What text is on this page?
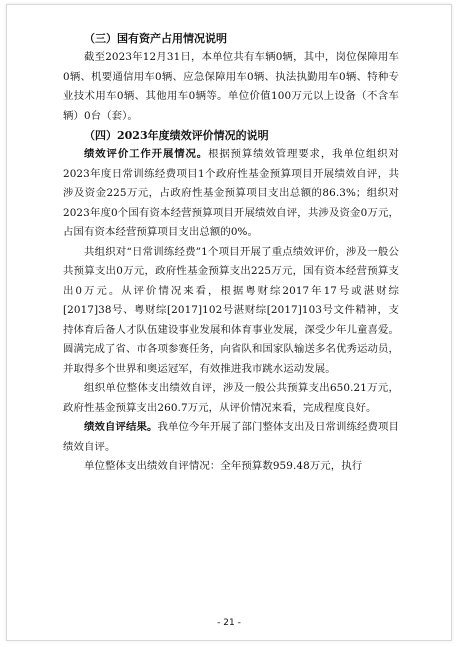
（三）国有资产占用情况说明

截至2023年12月31日，本单位共有车辆0辆，其中，岗位保障用车0辆、机要通信用车0辆、应急保障用车0辆、执法执勤用车0辆、特种专业技术用车0辆、其他用车0辆等。单位价值100万元以上设备（不含车辆）0台（套）。

（四）2023年度绩效评价情况的说明

绩效评价工作开展情况。根据预算绩效管理要求，我单位组织对2023年度日常训练经费项目1个政府性基金预算项目开展绩效自评，共涉及资金225万元，占政府性基金预算项目支出总额的86.3%；组织对2023年度0个国有资本经营预算项目开展绩效自评，共涉及资金0万元，占国有资本经营预算项目支出总额的0%。

共组织对“日常训练经费”1个项目开展了重点绩效评价，涉及一般公共预算支出0万元，政府性基金预算支出225万元，国有资本经营预算支出0万元。从评价情况来看，根据粤财综2017年17号或湛财综[2017]38号、粤财综[2017]102号湛财综[2017]103号文件精神，支持体育后备人才队伍建设事业发展和体育事业发展，深受少年儿童喜爱。圆满完成了省、市各项参赛任务，向省队和国家队输送多名优秀运动员，并取得多个世界和奥运冠军，有效推进我市跳水运动发展。

组织单位整体支出绩效自评，涉及一般公共预算支出650.21万元，政府性基金预算支出260.7万元，从评价情况来看，完成程度良好。

绩效自评结果。我单位今年开展了部门整体支出及日常训练经费项目绩效自评。

单位整体支出绩效自评情况：全年预算数959.48万元，执行

- 21 -
